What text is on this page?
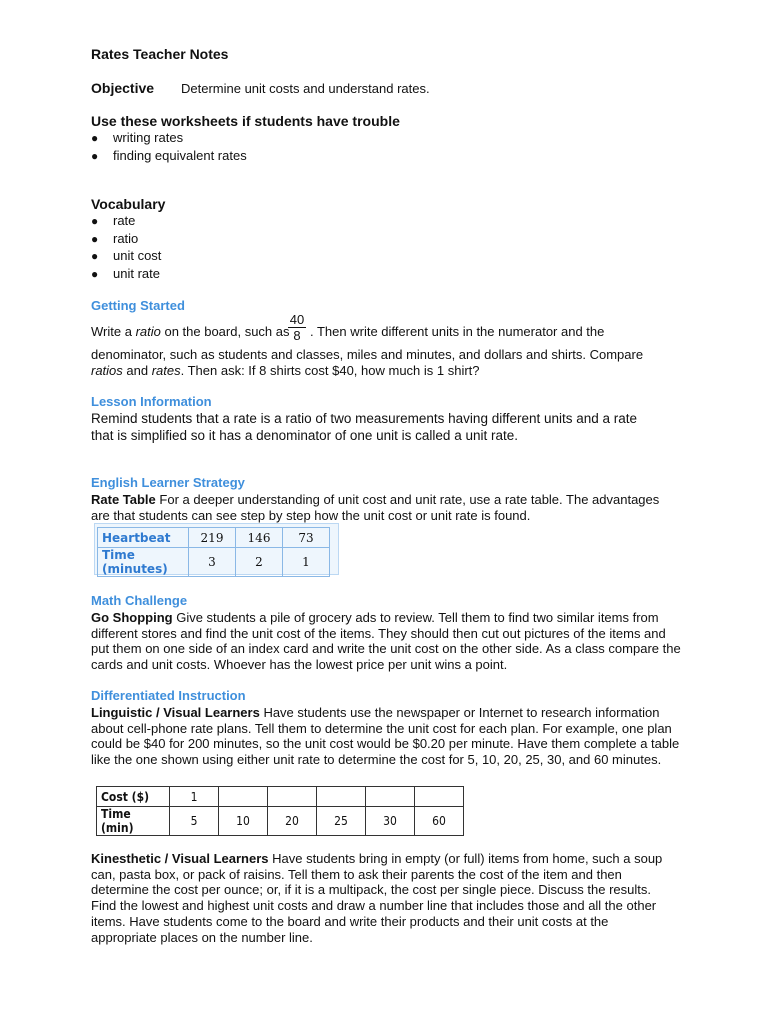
Rates Teacher Notes
Objective Determine unit costs and understand rates.
Use these worksheets if students have trouble
● writing rates
● finding equivalent rates
Vocabulary
● rate
● ratio
● unit cost
● unit rate
Getting Started
Write a ratio on the board, such as
40
8 . Then write different units in the numerator and the
denominator, such as students and classes, miles and minutes, and dollars and shirts. Compare
ratios and rates. Then ask: If 8 shirts cost $40, how much is 1 shirt?
Lesson Information
Remind students that a rate is a ratio of two measurements having different units and a rate that is simplified so it has a denominator of one unit is called a unit rate.
English Learner Strategy
Rate Table For a deeper understanding of unit cost and unit rate, use a rate table. The advantages are that students can see step by step how the unit cost or unit rate is found.
Heartbeat	219	146	73
Time (minutes)	3	2	1
Math Challenge
Go Shopping Give students a pile of grocery ads to review. Tell them to find two similar items from different stores and find the unit cost of the items. They should then cut out pictures of the items and put them on one side of an index card and write the unit cost on the other side. As a class compare the cards and unit costs. Whoever has the lowest price per unit wins a point.
Differentiated Instruction
Linguistic / Visual Learners Have students use the newspaper or Internet to research information about cell-phone rate plans. Tell them to determine the unit cost for each plan. For example, one plan could be $40 for 200 minutes, so the unit cost would be $0.20 per minute. Have them complete a table like the one shown using either unit rate to determine the cost for 5, 10, 20, 25, 30, and 60 minutes.
Cost ($)	1					
Time (min)	5	10	20	25	30	60
Kinesthetic / Visual Learners Have students bring in empty (or full) items from home, such a soup can, pasta box, or pack of raisins. Tell them to ask their parents the cost of the item and then determine the cost per ounce; or, if it is a multipack, the cost per single piece. Discuss the results. Find the lowest and highest unit costs and draw a number line that includes those and all the other items. Have students come to the board and write their products and their unit costs at the appropriate places on the number line.
